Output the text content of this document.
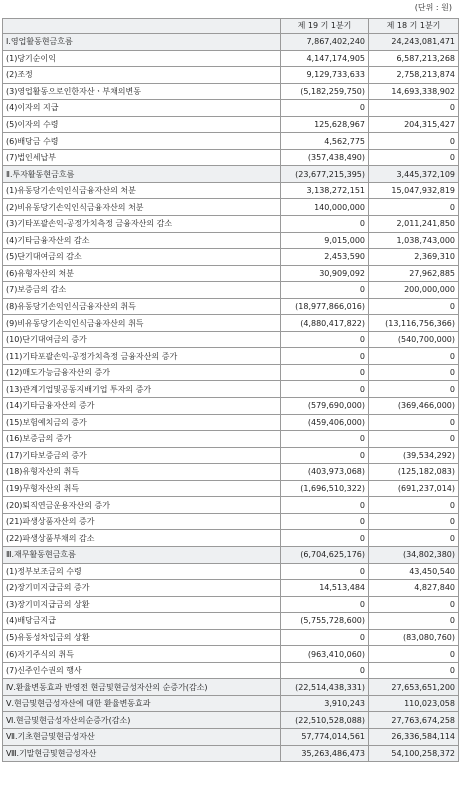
(단위 : 원)
	제 19 기 1분기	제 18 기 1분기
Ⅰ.영업활동현금흐름	7,867,402,240	24,243,081,471
(1)당기순이익	4,147,174,905	6,587,213,268
(2)조정	9,129,733,633	2,758,213,874
(3)영업활동으로인한자산ㆍ부채의변동	(5,182,259,750)	14,693,338,902
(4)이자의 지급	0	0
(5)이자의 수령	125,628,967	204,315,427
(6)배당금 수령	4,562,775	0
(7)법인세납부	(357,438,490)	0
Ⅱ.투자활동현금흐름	(23,677,215,395)	3,445,372,109
(1)유동당기손익인식금융자산의 처분	3,138,272,151	15,047,932,819
(2)비유동당기손익인식금융자산의 처분	140,000,000	0
(3)기타포괄손익-공정가치측정 금융자산의 감소	0	2,011,241,850
(4)기타금융자산의 감소	9,015,000	1,038,743,000
(5)단기대여금의 감소	2,453,590	2,369,310
(6)유형자산의 처분	30,909,092	27,962,885
(7)보증금의 감소	0	200,000,000
(8)유동당기손익인식금융자산의 취득	(18,977,866,016)	0
(9)비유동당기손익인식금융자산의 취득	(4,880,417,822)	(13,116,756,366)
(10)단기대여금의 증가	0	(540,700,000)
(11)기타포괄손익-공정가치측정 금융자산의 증가	0	0
(12)매도가능금융자산의 증가	0	0
(13)관계기업및공동지배기업 투자의 증가	0	0
(14)기타금융자산의 증가	(579,690,000)	(369,466,000)
(15)보험예치금의 증가	(459,406,000)	0
(16)보증금의 증가	0	0
(17)기타보증금의 증가	0	(39,534,292)
(18)유형자산의 취득	(403,973,068)	(125,182,083)
(19)무형자산의 취득	(1,696,510,322)	(691,237,014)
(20)퇴직연금운용자산의 증가	0	0
(21)파생상품자산의 증가	0	0
(22)파생상품부채의 감소	0	0
Ⅲ.재무활동현금흐름	(6,704,625,176)	(34,802,380)
(1)정부보조금의 수령	0	43,450,540
(2)장기미지급금의 증가	14,513,484	4,827,840
(3)장기미지급금의 상환	0	0
(4)배당금지급	(5,755,728,600)	0
(5)유동성차입금의 상환	0	(83,080,760)
(6)자기주식의 취득	(963,410,060)	0
(7)신주인수권의 행사	0	0
Ⅳ.환율변동효과 반영전 현금및현금성자산의 순증가(감소)	(22,514,438,331)	27,653,651,200
Ⅴ.현금및현금성자산에 대한 환율변동효과	3,910,243	110,023,058
Ⅵ.현금및현금성자산의순증가(감소)	(22,510,528,088)	27,763,674,258
Ⅶ.기초현금및현금성자산	57,774,014,561	26,336,584,114
Ⅷ.기말현금및현금성자산	35,263,486,473	54,100,258,372
